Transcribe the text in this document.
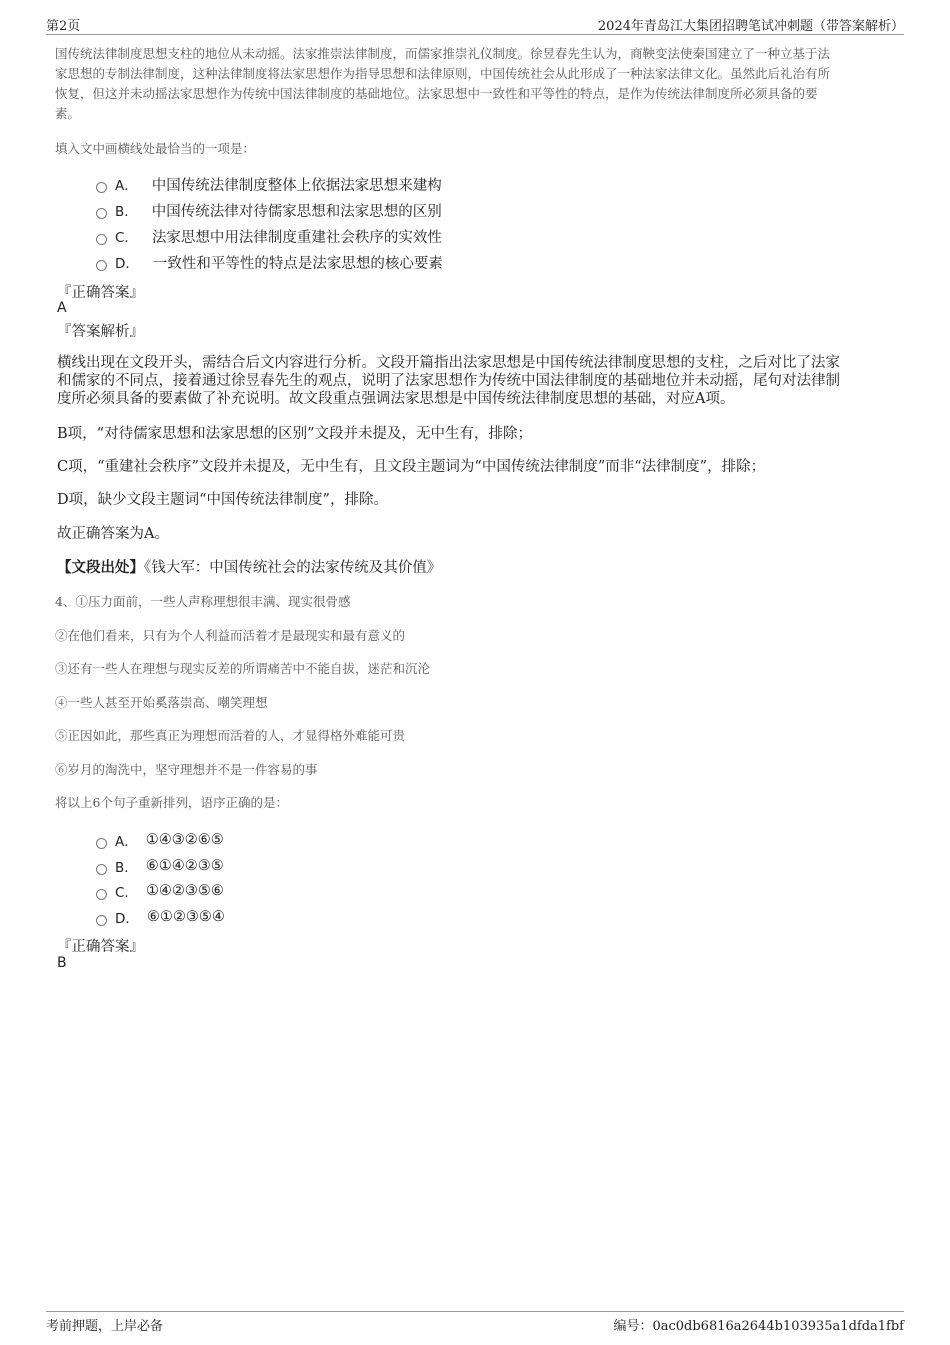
第2页	2024年青岛江大集团招聘笔试冲刺题（带答案解析）
国传统法律制度思想支柱的地位从未动摇。法家推崇法律制度，而儒家推崇礼仪制度。徐昱春先生认为，商鞅变法使秦国建立了一种立基于法
家思想的专制法律制度，这种法律制度将法家思想作为指导思想和法律原则，中国传统社会从此形成了一种法家法律文化。虽然此后礼治有所
恢复，但这并未动摇法家思想作为传统中国法律制度的基础地位。法家思想中一致性和平等性的特点，是作为传统法律制度所必须具备的要
素。
填入文中画横线处最恰当的一项是：
A． 中国传统法律制度整体上依据法家思想来建构
B． 中国传统法律对待儒家思想和法家思想的区别
C． 法家思想中用法律制度重建社会秩序的实效性
D． 一致性和平等性的特点是法家思想的核心要素
『正确答案』
A
『答案解析』
横线出现在文段开头，需结合后文内容进行分析。文段开篇指出法家思想是中国传统法律制度思想的支柱，之后对比了法家
和儒家的不同点，接着通过徐昱春先生的观点，说明了法家思想作为传统中国法律制度的基础地位并未动摇，尾句对法律制
度所必须具备的要素做了补充说明。故文段重点强调法家思想是中国传统法律制度思想的基础，对应A项。
B项，“对待儒家思想和法家思想的区别”文段并未提及，无中生有，排除；
C项，“重建社会秩序”文段并未提及，无中生有，且文段主题词为“中国传统法律制度”而非“法律制度”，排除；
D项，缺少文段主题词“中国传统法律制度”，排除。
故正确答案为A。
【文段出处】《钱大军：中国传统社会的法家传统及其价值》
4、①压力面前，一些人声称理想很丰满、现实很骨感
②在他们看来，只有为个人利益而活着才是最现实和最有意义的
③还有一些人在理想与现实反差的所谓痛苦中不能自拔，迷茫和沉沦
④一些人甚至开始奚落崇高、嘲笑理想
⑤正因如此，那些真正为理想而活着的人，才显得格外难能可贵
⑥岁月的淘洗中，坚守理想并不是一件容易的事
将以上6个句子重新排列，语序正确的是：
A． ①④③②⑥⑤
B． ⑥①④②③⑤
C． ①④②③⑤⑥
D． ⑥①②③⑤④
『正确答案』
B
考前押题，上岸必备	编号：0ac0db6816a2644b103935a1dfda1fbf
